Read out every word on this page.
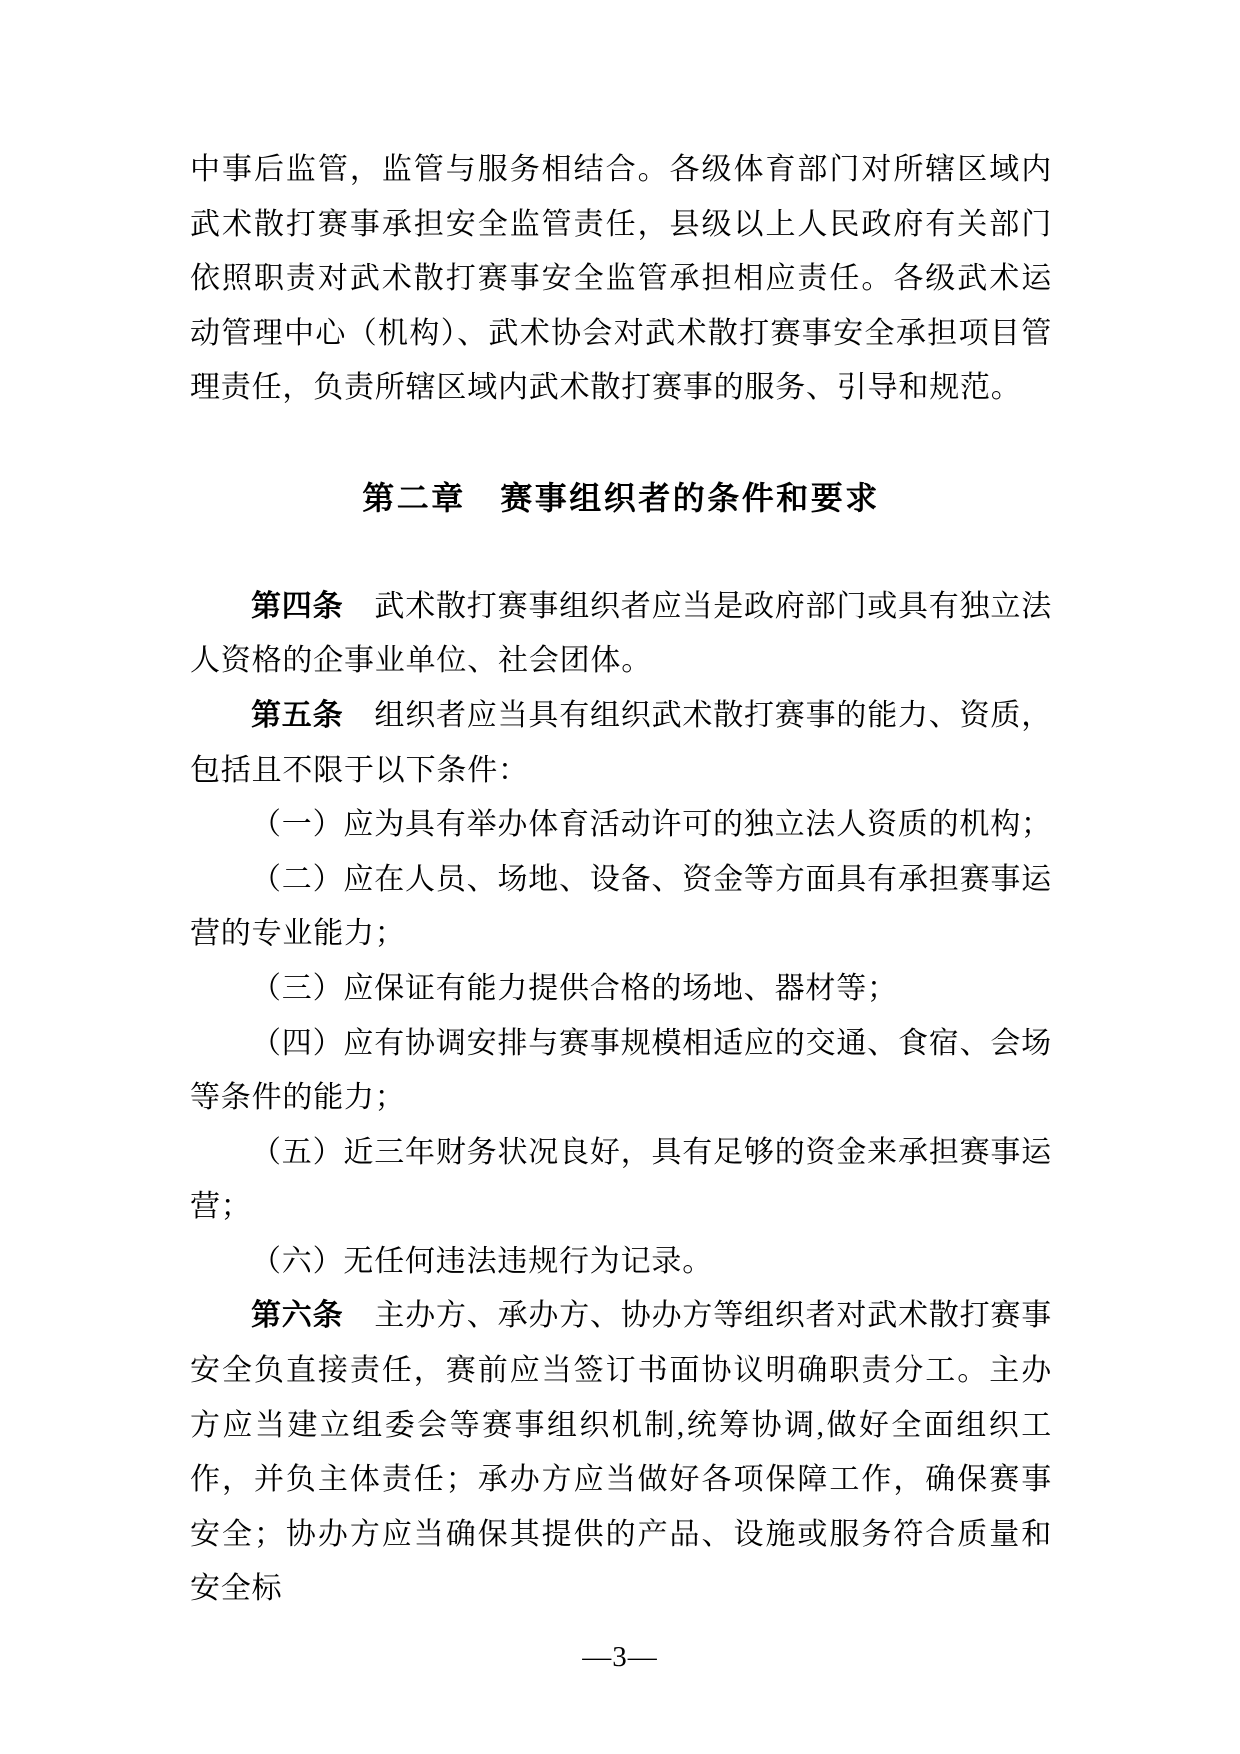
中事后监管，监管与服务相结合。各级体育部门对所辖区域内武术散打赛事承担安全监管责任，县级以上人民政府有关部门依照职责对武术散打赛事安全监管承担相应责任。各级武术运动管理中心（机构）、武术协会对武术散打赛事安全承担项目管理责任，负责所辖区域内武术散打赛事的服务、引导和规范。

第二章　赛事组织者的条件和要求

第四条 武术散打赛事组织者应当是政府部门或具有独立法人资格的企事业单位、社会团体。

第五条 组织者应当具有组织武术散打赛事的能力、资质，包括且不限于以下条件：

（一）应为具有举办体育活动许可的独立法人资质的机构；

（二）应在人员、场地、设备、资金等方面具有承担赛事运营的专业能力；

（三）应保证有能力提供合格的场地、器材等；

（四）应有协调安排与赛事规模相适应的交通、食宿、会场等条件的能力；

（五）近三年财务状况良好，具有足够的资金来承担赛事运营；

（六）无任何违法违规行为记录。

第六条 主办方、承办方、协办方等组织者对武术散打赛事安全负直接责任，赛前应当签订书面协议明确职责分工。主办方应当建立组委会等赛事组织机制,统筹协调,做好全面组织工作，并负主体责任；承办方应当做好各项保障工作，确保赛事安全；协办方应当确保其提供的产品、设施或服务符合质量和安全标

—3—
